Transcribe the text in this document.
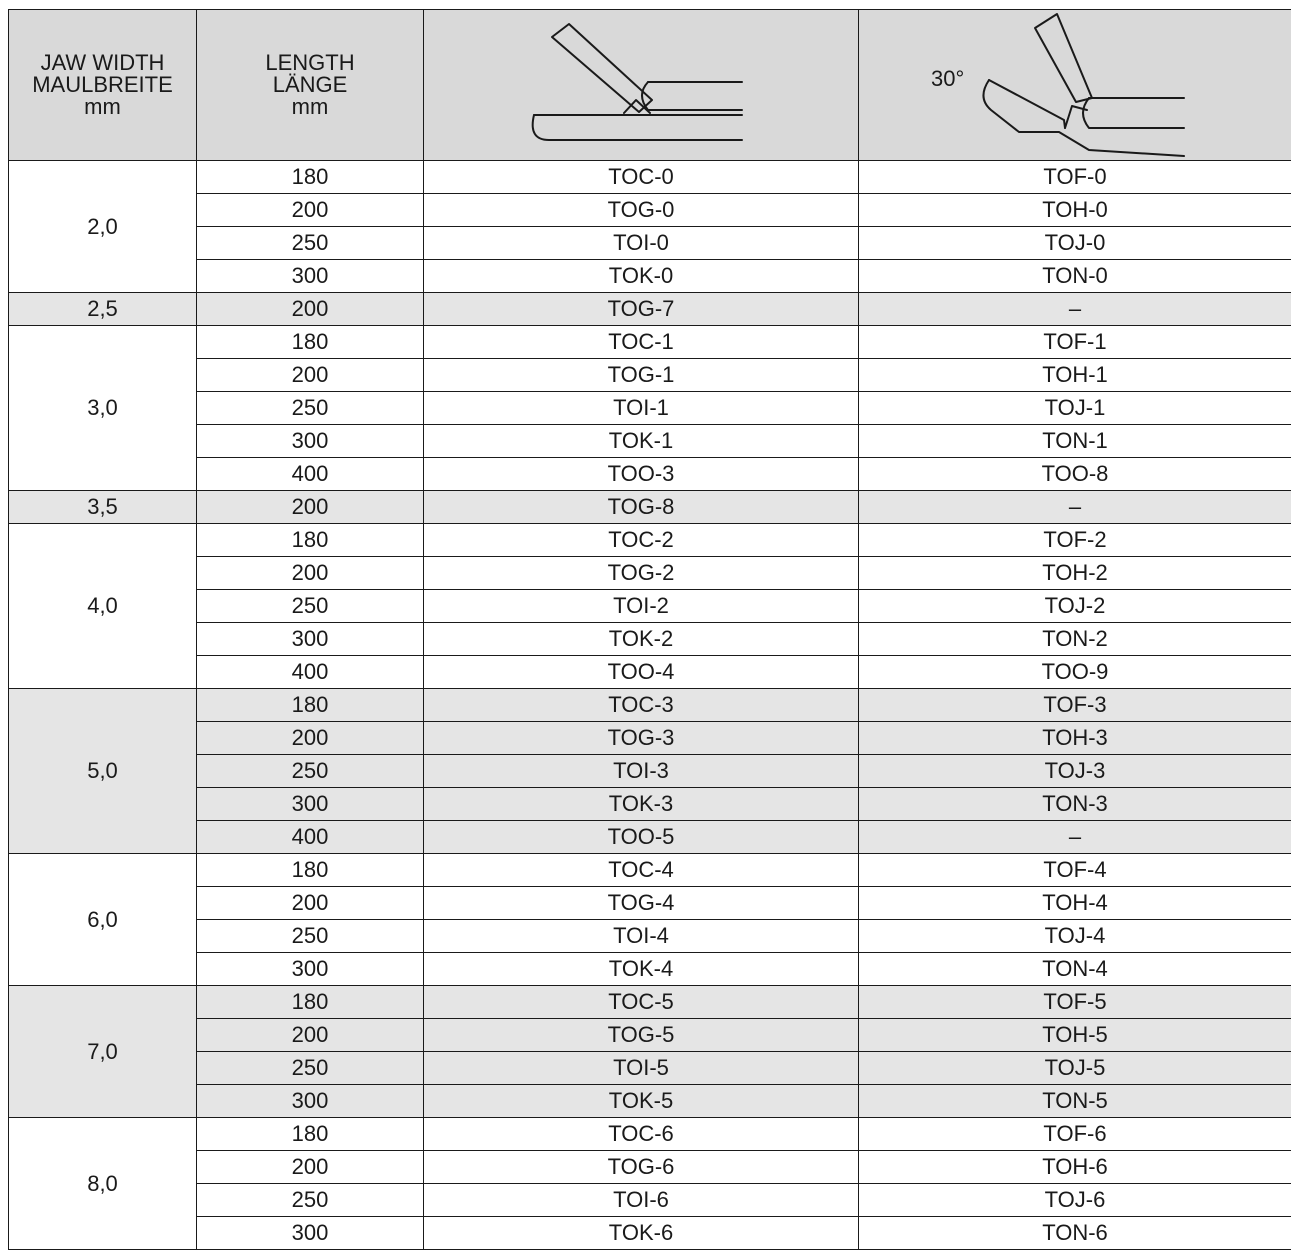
JAW WIDTH
MAULBREITE
mm	LENGTH
LÄNGE
mm		30°

2,0	180	TOC-0	TOF-0
	200	TOG-0	TOH-0
	250	TOI-0	TOJ-0
	300	TOK-0	TON-0
2,5	200	TOG-7	–
3,0	180	TOC-1	TOF-1
	200	TOG-1	TOH-1
	250	TOI-1	TOJ-1
	300	TOK-1	TON-1
	400	TOO-3	TOO-8
3,5	200	TOG-8	–
4,0	180	TOC-2	TOF-2
	200	TOG-2	TOH-2
	250	TOI-2	TOJ-2
	300	TOK-2	TON-2
	400	TOO-4	TOO-9
5,0	180	TOC-3	TOF-3
	200	TOG-3	TOH-3
	250	TOI-3	TOJ-3
	300	TOK-3	TON-3
	400	TOO-5	–
6,0	180	TOC-4	TOF-4
	200	TOG-4	TOH-4
	250	TOI-4	TOJ-4
	300	TOK-4	TON-4
7,0	180	TOC-5	TOF-5
	200	TOG-5	TOH-5
	250	TOI-5	TOJ-5
	300	TOK-5	TON-5
8,0	180	TOC-6	TOF-6
	200	TOG-6	TOH-6
	250	TOI-6	TOJ-6
	300	TOK-6	TON-6
